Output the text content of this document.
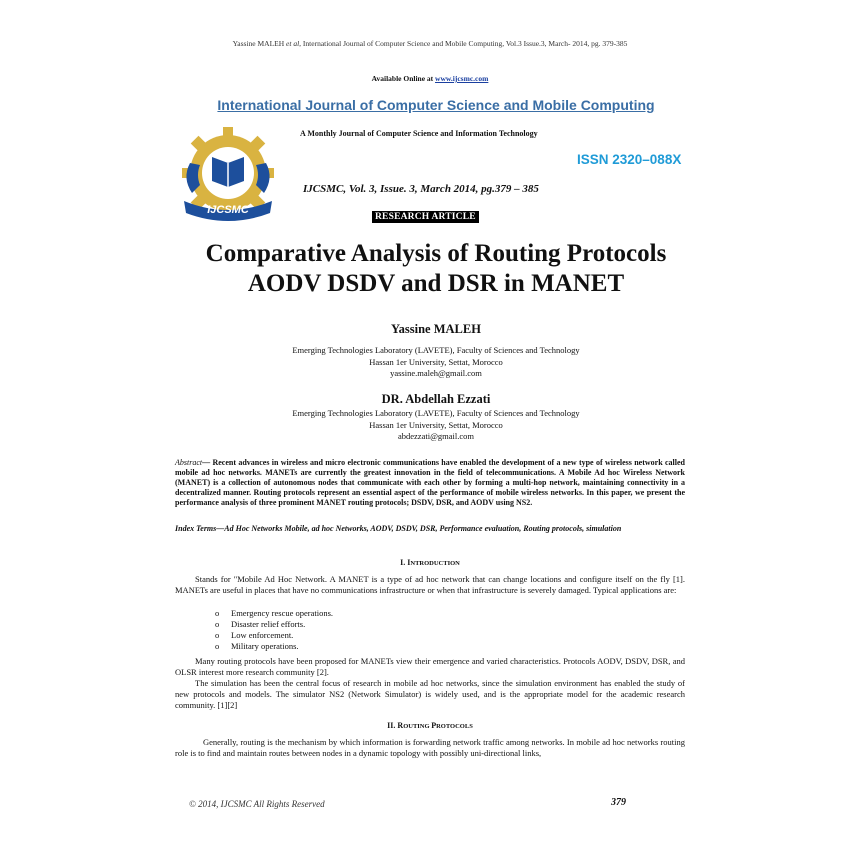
Yassine MALEH et al, International Journal of Computer Science and Mobile Computing, Vol.3 Issue.3, March- 2014, pg. 379-385
Available Online at www.ijcsmc.com
International Journal of Computer Science and Mobile Computing
IJCSMC
A Monthly Journal of Computer Science and Information Technology
ISSN 2320–088X
IJCSMC, Vol. 3, Issue. 3, March 2014, pg.379 – 385
RESEARCH ARTICLE
Comparative Analysis of Routing Protocols
AODV DSDV and DSR in MANET
Yassine MALEH
Emerging Technologies Laboratory (LAVETE), Faculty of Sciences and Technology
Hassan 1er University, Settat, Morocco
yassine.maleh@gmail.com
DR. Abdellah Ezzati
Emerging Technologies Laboratory (LAVETE), Faculty of Sciences and Technology
Hassan 1er University, Settat, Morocco
abdezzati@gmail.com
Abstract— Recent advances in wireless and micro electronic communications have enabled the development of a new type of wireless network called mobile ad hoc networks. MANETs are currently the greatest innovation in the field of telecommunications. A Mobile Ad hoc Wireless Network (MANET) is a collection of autonomous nodes that communicate with each other by forming a multi-hop network, maintaining connectivity in a decentralized manner. Routing protocols represent an essential aspect of the performance of mobile wireless networks. In this paper, we present the performance analysis of three prominent MANET routing protocols; DSDV, DSR, and AODV using NS2.
Index Terms—Ad Hoc Networks Mobile, ad hoc Networks, AODV, DSDV, DSR, Performance evaluation, Routing protocols, simulation
I. INTRODUCTION
Stands for "Mobile Ad Hoc Network. A MANET is a type of ad hoc network that can change locations and configure itself on the fly [1]. MANETs are useful in places that have no communications infrastructure or when that infrastructure is severely damaged. Typical applications are:
o	Emergency rescue operations.
o	Disaster relief efforts.
o	Low enforcement.
o	Military operations.
Many routing protocols have been proposed for MANETs view their emergence and varied characteristics. Protocols AODV, DSDV, DSR, and OLSR interest more research community [2].
The simulation has been the central focus of research in mobile ad hoc networks, since the simulation environment has enabled the study of new protocols and models. The simulator NS2 (Network Simulator) is widely used, and is the appropriate model for the academic research community. [1][2]
II. ROUTING PROTOCOLS
Generally, routing is the mechanism by which information is forwarding network traffic among networks. In mobile ad hoc networks routing role is to find and maintain routes between nodes in a dynamic topology with possibly uni-directional links,
© 2014, IJCSMC All Rights Reserved	379
